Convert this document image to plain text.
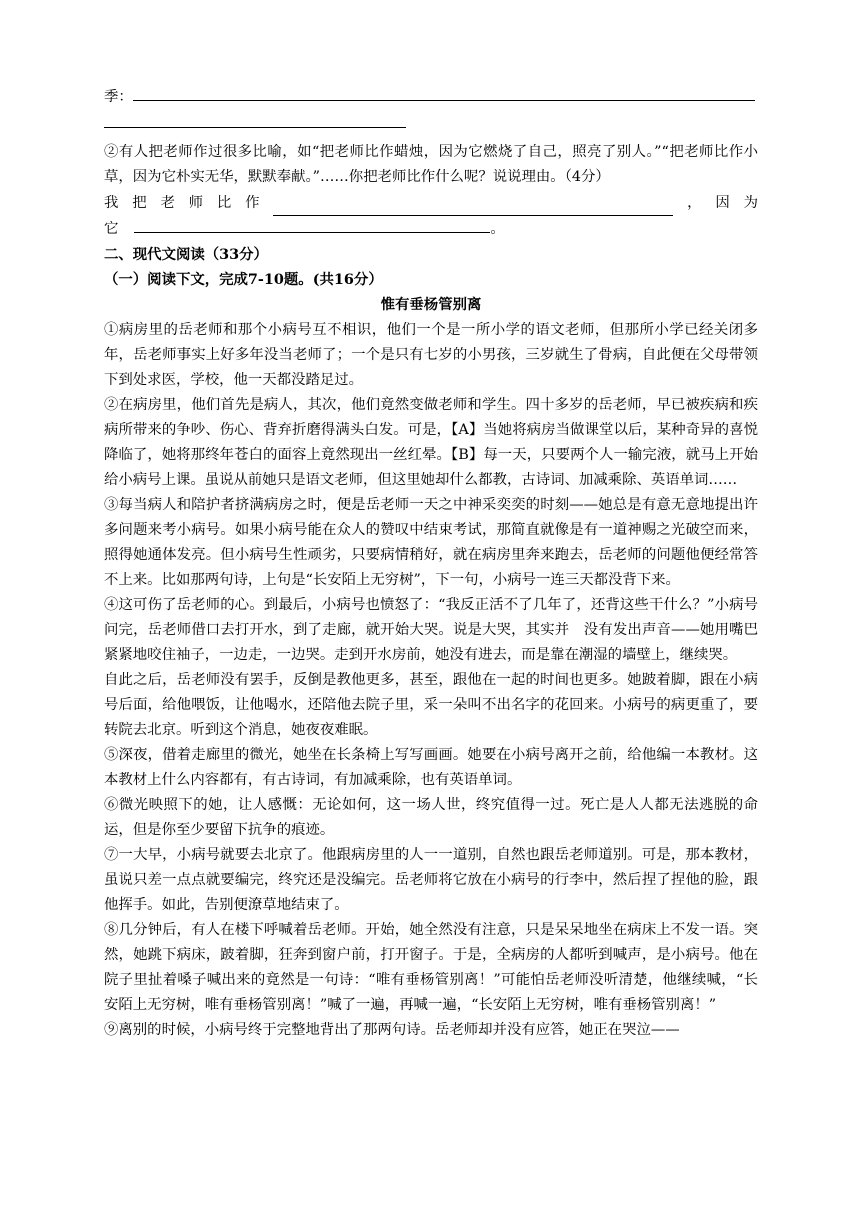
季：

②有人把老师作过很多比喻，如“把老师比作蜡烛，因为它燃烧了自己，照亮了别人。”“把老师比作小草，因为它朴实无华，默默奉献。”……你把老师比作什么呢？说说理由。（4分）

我 把 老 师 比 作	， 因 为
它	。
二、现代文阅读（33分）
（一）阅读下文，完成7-10题。(共16分）
惟有垂杨管别离

①病房里的岳老师和那个小病号互不相识，他们一个是一所小学的语文老师，但那所小学已经关闭多年，岳老师事实上好多年没当老师了；一个是只有七岁的小男孩，三岁就生了骨病，自此便在父母带领下到处求医，学校，他一天都没踏足过。

②在病房里，他们首先是病人，其次，他们竟然变做老师和学生。四十多岁的岳老师，早已被疾病和疾病所带来的争吵、伤心、背弃折磨得满头白发。可是，【A】当她将病房当做课堂以后，某种奇异的喜悦降临了，她将那终年苍白的面容上竟然现出一丝红晕。【B】每一天，只要两个人一输完液，就马上开始给小病号上课。虽说从前她只是语文老师，但这里她却什么都教，古诗词、加减乘除、英语单词……

③每当病人和陪护者挤满病房之时，便是岳老师一天之中神采奕奕的时刻——她总是有意无意地提出许多问题来考小病号。如果小病号能在众人的赞叹中结束考试，那简直就像是有一道神赐之光破空而来，照得她通体发亮。但小病号生性顽劣，只要病情稍好，就在病房里奔来跑去，岳老师的问题他便经常答不上来。比如那两句诗，上句是“长安陌上无穷树”，下一句，小病号一连三天都没背下来。

④这可伤了岳老师的心。到最后，小病号也愤怒了：“我反正活不了几年了，还背这些干什么？”小病号问完，岳老师借口去打开水，到了走廊，就开始大哭。说是大哭，其实并　没有发出声音——她用嘴巴紧紧地咬住袖子，一边走，一边哭。走到开水房前，她没有进去，而是靠在潮湿的墙壁上，继续哭。

自此之后，岳老师没有罢手，反倒是教他更多，甚至，跟他在一起的时间也更多。她跛着脚，跟在小病号后面，给他喂饭，让他喝水，还陪他去院子里，采一朵叫不出名字的花回来。小病号的病更重了，要转院去北京。听到这个消息，她夜夜难眠。

⑤深夜，借着走廊里的微光，她坐在长条椅上写写画画。她要在小病号离开之前，给他编一本教材。这本教材上什么内容都有，有古诗词，有加减乘除，也有英语单词。

⑥微光映照下的她，让人感慨：无论如何，这一场人世，终究值得一过。死亡是人人都无法逃脱的命运，但是你至少要留下抗争的痕迹。

⑦一大早，小病号就要去北京了。他跟病房里的人一一道别，自然也跟岳老师道别。可是，那本教材，虽说只差一点点就要编完，终究还是没编完。岳老师将它放在小病号的行李中，然后捏了捏他的脸，跟他挥手。如此，告别便潦草地结束了。

⑧几分钟后，有人在楼下呼喊着岳老师。开始，她全然没有注意，只是呆呆地坐在病床上不发一语。突然，她跳下病床，跛着脚，狂奔到窗户前，打开窗子。于是，全病房的人都听到喊声，是小病号。他在院子里扯着嗓子喊出来的竟然是一句诗：“唯有垂杨管别离！”可能怕岳老师没听清楚，他继续喊，“长安陌上无穷树，唯有垂杨管别离！”喊了一遍，再喊一遍，“长安陌上无穷树，唯有垂杨管别离！”

⑨离别的时候，小病号终于完整地背出了那两句诗。岳老师却并没有应答，她正在哭泣——
